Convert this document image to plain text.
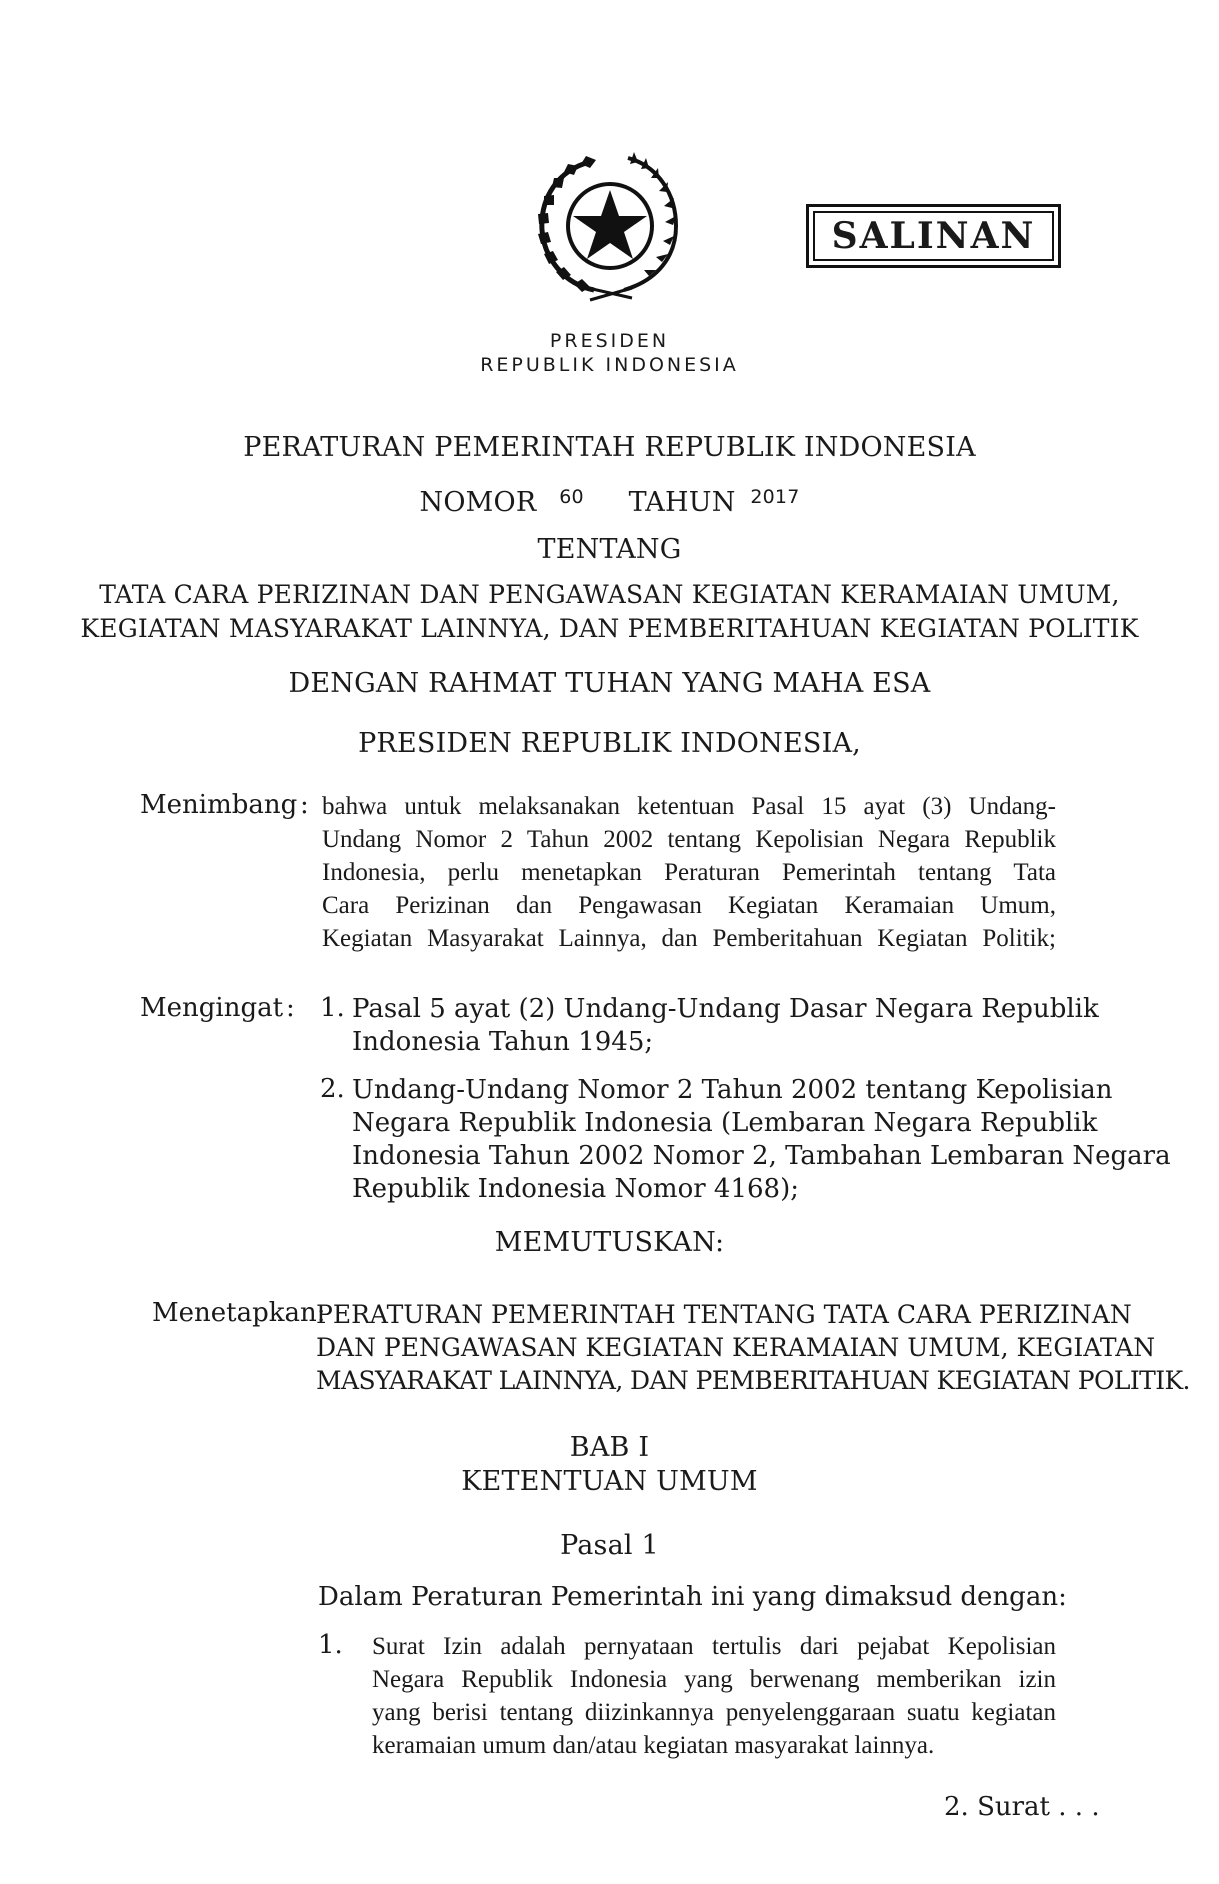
SALINAN
PRESIDEN
REPUBLIK INDONESIA
PERATURAN PEMERINTAH REPUBLIK INDONESIA
NOMOR $^{60}$ TAHUN $^{2017}$
TENTANG
TATA CARA PERIZINAN DAN PENGAWASAN KEGIATAN KERAMAIAN UMUM,
KEGIATAN MASYARAKAT LAINNYA, DAN PEMBERITAHUAN KEGIATAN POLITIK
DENGAN RAHMAT TUHAN YANG MAHA ESA
PRESIDEN REPUBLIK INDONESIA,
Menimbang : bahwa untuk melaksanakan ketentuan Pasal 15 ayat (3) Undang-
Undang Nomor 2 Tahun 2002 tentang Kepolisian Negara Republik
Indonesia, perlu menetapkan Peraturan Pemerintah tentang Tata
Cara Perizinan dan Pengawasan Kegiatan Keramaian Umum,
Kegiatan Masyarakat Lainnya, dan Pemberitahuan Kegiatan Politik;
Mengingat : 1. Pasal 5 ayat (2) Undang-Undang Dasar Negara Republik
Indonesia Tahun 1945;
2. Undang-Undang Nomor 2 Tahun 2002 tentang Kepolisian
Negara Republik Indonesia (Lembaran Negara Republik
Indonesia Tahun 2002 Nomor 2, Tambahan Lembaran Negara
Republik Indonesia Nomor 4168);
MEMUTUSKAN:
Menetapkan:
PERATURAN PEMERINTAH TENTANG TATA CARA PERIZINAN
DAN PENGAWASAN KEGIATAN KERAMAIAN UMUM, KEGIATAN
MASYARAKAT LAINNYA, DAN PEMBERITAHUAN KEGIATAN POLITIK.
BAB I
KETENTUAN UMUM
Pasal 1
Dalam Peraturan Pemerintah ini yang dimaksud dengan:
1. Surat Izin adalah pernyataan tertulis dari pejabat Kepolisian
Negara Republik Indonesia yang berwenang memberikan izin
yang berisi tentang diizinkannya penyelenggaraan suatu kegiatan
keramaian umum dan/atau kegiatan masyarakat lainnya.
2. Surat . . .
